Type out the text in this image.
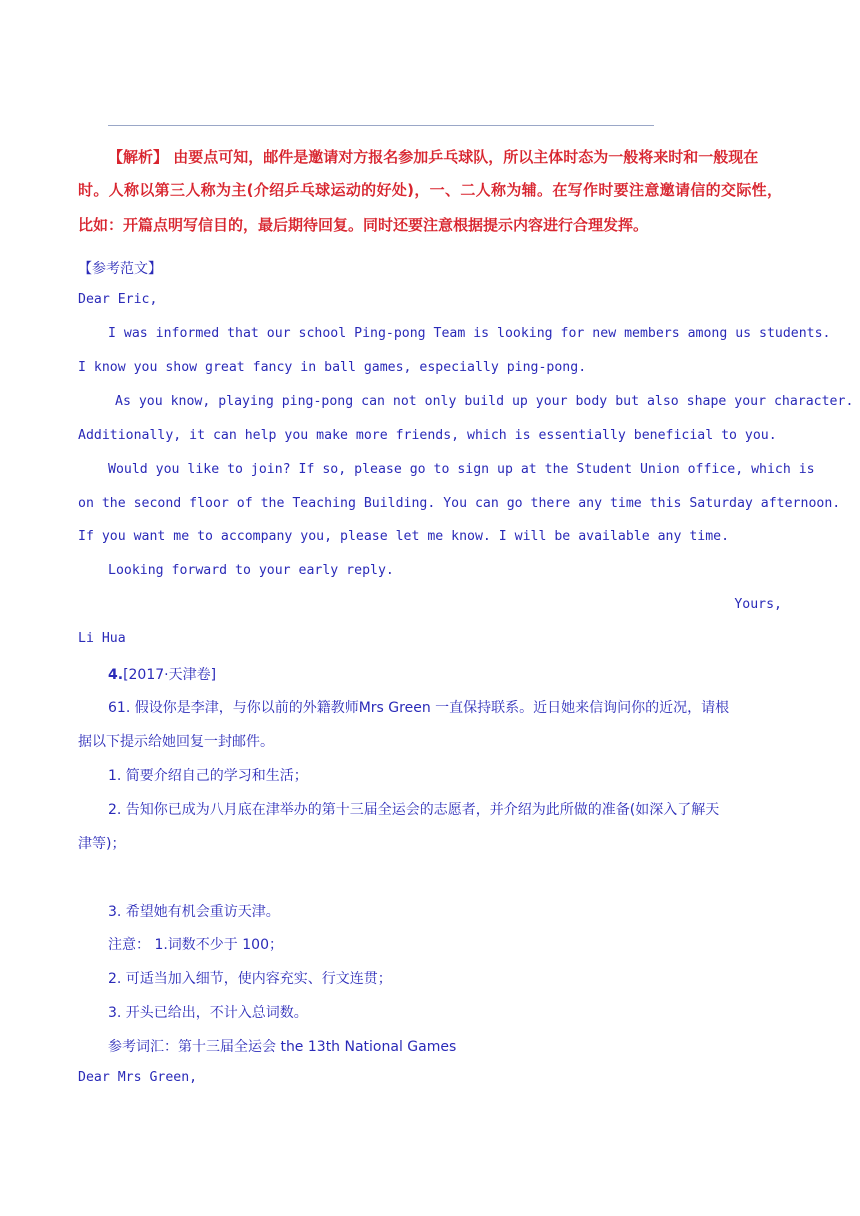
【解析】 由要点可知，邮件是邀请对方报名参加乒乓球队，所以主体时态为一般将来时和一般现在
时。人称以第三人称为主(介绍乒乓球运动的好处)，一、二人称为辅。在写作时要注意邀请信的交际性，
比如：开篇点明写信目的，最后期待回复。同时还要注意根据提示内容进行合理发挥。
【参考范文】
Dear Eric,
I was informed that our school Ping-pong Team is looking for new members among us students.
I know you show great fancy in ball games, especially ping-pong.
As you know, playing ping-pong can not only build up your body but also shape your character.
Additionally, it can help you make more friends, which is essentially beneficial to you.
Would you like to join? If so, please go to sign up at the Student Union office, which is
on the second floor of the Teaching Building. You can go there any time this Saturday afternoon.
If you want me to accompany you, please let me know. I will be available any time.
Looking forward to your early reply.
Yours,
Li Hua
4.[2017·天津卷]
61. 假设你是李津，与你以前的外籍教师Mrs Green 一直保持联系。近日她来信询问你的近况，请根
据以下提示给她回复一封邮件。
1. 简要介绍自己的学习和生活；
2. 告知你已成为八月底在津举办的第十三届全运会的志愿者，并介绍为此所做的准备(如深入了解天
津等)；
3. 希望她有机会重访天津。
注意： 1.词数不少于 100；
2. 可适当加入细节，使内容充实、行文连贯；
3. 开头已给出，不计入总词数。
参考词汇：第十三届全运会 the 13th National Games
Dear Mrs Green,
